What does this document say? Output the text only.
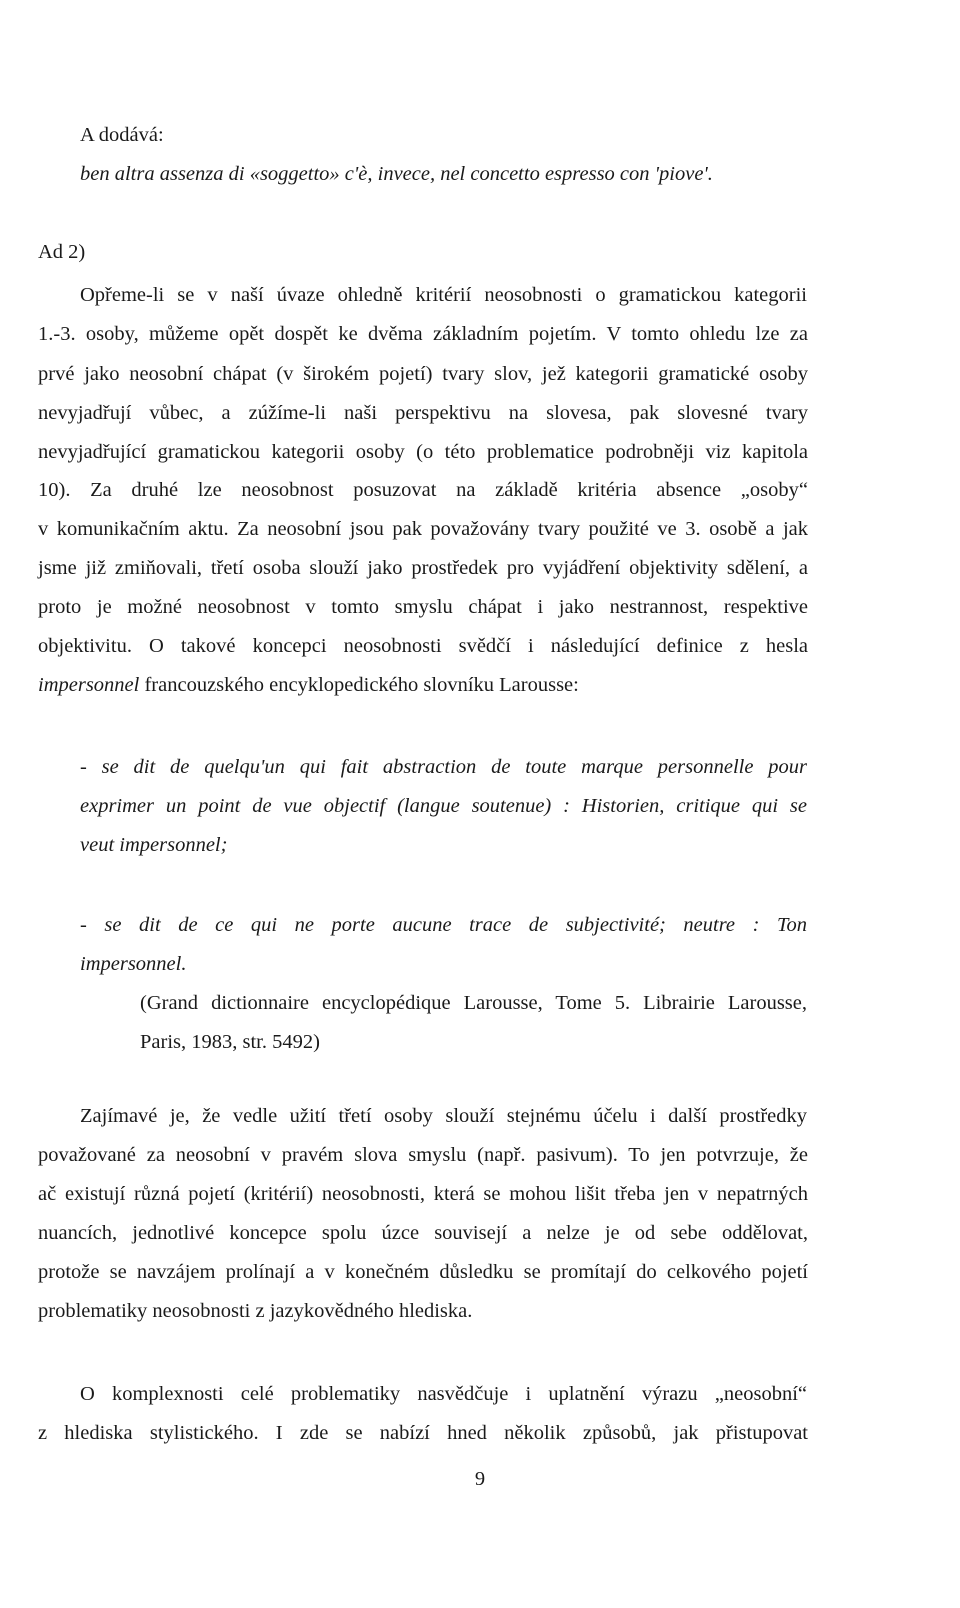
A dodává:
ben altra assenza di «soggetto» c'è, invece, nel concetto espresso con 'piove'.
Ad 2)
Opřeme-li se v naší úvaze ohledně kritérií neosobnosti o gramatickou kategorii
1.-3. osoby, můžeme opět dospět ke dvěma základním pojetím. V tomto ohledu lze za
prvé jako neosobní chápat (v širokém pojetí) tvary slov, jež kategorii gramatické osoby
nevyjadřují vůbec, a zúžíme-li naši perspektivu na slovesa, pak slovesné tvary
nevyjadřující gramatickou kategorii osoby (o této problematice podrobněji viz kapitola
10). Za druhé lze neosobnost posuzovat na základě kritéria absence „osoby“
v komunikačním aktu. Za neosobní jsou pak považovány tvary použité ve 3. osobě a jak
jsme již zmiňovali, třetí osoba slouží jako prostředek pro vyjádření objektivity sdělení, a
proto je možné neosobnost v tomto smyslu chápat i jako nestrannost, respektive
objektivitu. O takové koncepci neosobnosti svědčí i následující definice z hesla
impersonnel francouzského encyklopedického slovníku Larousse:
- se dit de quelqu'un qui fait abstraction de toute marque personnelle pour
exprimer un point de vue objectif (langue soutenue) : Historien, critique qui se
veut impersonnel;
- se dit de ce qui ne porte aucune trace de subjectivité; neutre : Ton
impersonnel.
(Grand dictionnaire encyclopédique Larousse, Tome 5. Librairie Larousse,
Paris, 1983, str. 5492)
Zajímavé je, že vedle užití třetí osoby slouží stejnému účelu i další prostředky
považované za neosobní v pravém slova smyslu (např. pasivum). To jen potvrzuje, že
ač existují různá pojetí (kritérií) neosobnosti, která se mohou lišit třeba jen v nepatrných
nuancích, jednotlivé koncepce spolu úzce souvisejí a nelze je od sebe oddělovat,
protože se navzájem prolínají a v konečném důsledku se promítají do celkového pojetí
problematiky neosobnosti z jazykovědného hlediska.
O komplexnosti celé problematiky nasvědčuje i uplatnění výrazu „neosobní“
z hlediska stylistického. I zde se nabízí hned několik způsobů, jak přistupovat
9
